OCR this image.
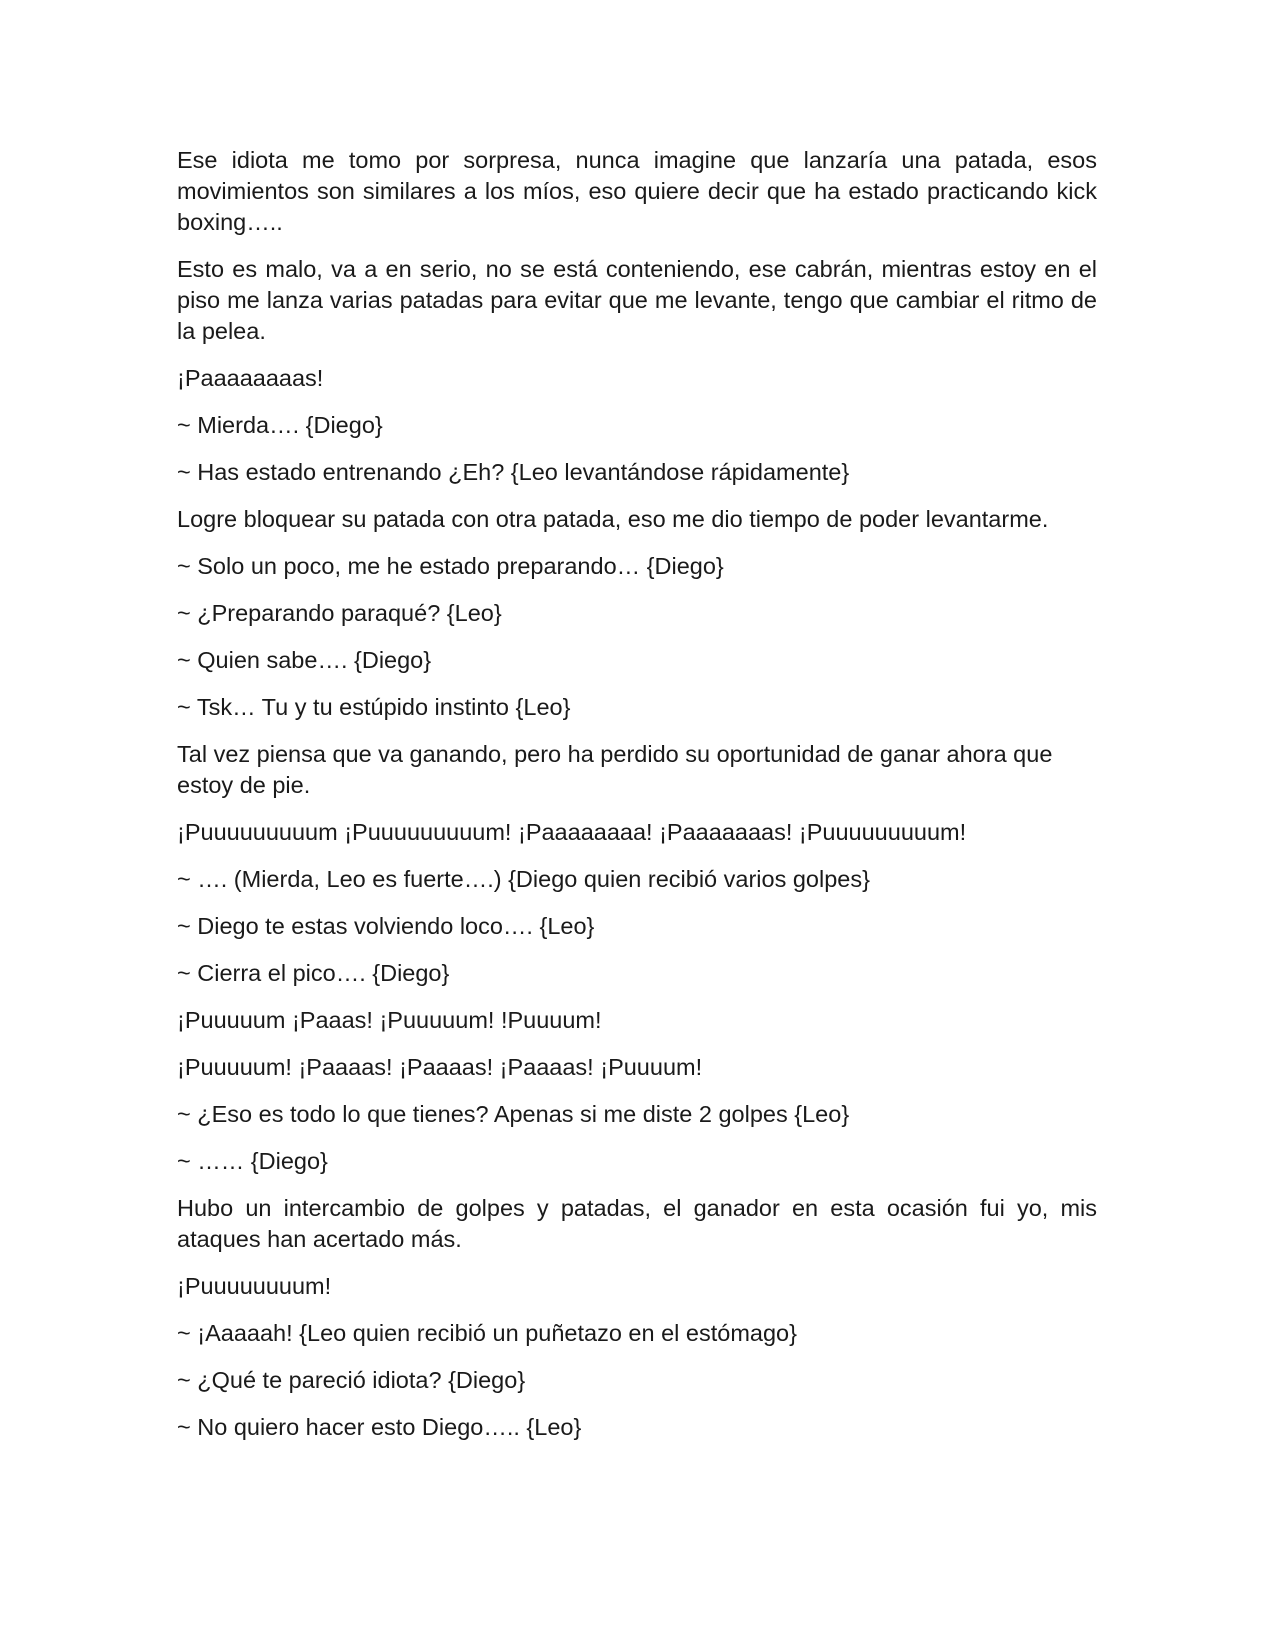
Ese idiota me tomo por sorpresa, nunca imagine que lanzaría una patada, esos movimientos son similares a los míos, eso quiere decir que ha estado practicando kick boxing…..

Esto es malo, va a en serio, no se está conteniendo, ese cabrán, mientras estoy en el piso me lanza varias patadas para evitar que me levante, tengo que cambiar el ritmo de la pelea.

¡Paaaaaaaas!

~ Mierda…. {Diego}

~ Has estado entrenando ¿Eh? {Leo levantándose rápidamente}

Logre bloquear su patada con otra patada, eso me dio tiempo de poder levantarme.

~ Solo un poco, me he estado preparando… {Diego}

~ ¿Preparando paraqué? {Leo}

~ Quien sabe…. {Diego}

~ Tsk… Tu y tu estúpido instinto {Leo}

Tal vez piensa que va ganando, pero ha perdido su oportunidad de ganar ahora que estoy de pie.

¡Puuuuuuuuum ¡Puuuuuuuuum! ¡Paaaaaaaa! ¡Paaaaaaas! ¡Puuuuuuuuum!

~ …. (Mierda, Leo es fuerte….) {Diego quien recibió varios golpes}

~ Diego te estas volviendo loco…. {Leo}

~ Cierra el pico…. {Diego}

¡Puuuuum ¡Paaas! ¡Puuuuum! !Puuuum!

¡Puuuuum! ¡Paaaas! ¡Paaaas! ¡Paaaas! ¡Puuuum!

~ ¿Eso es todo lo que tienes? Apenas si me diste 2 golpes {Leo}

~ …… {Diego}

Hubo un intercambio de golpes y patadas, el ganador en esta ocasión fui yo, mis ataques han acertado más.

¡Puuuuuuuum!

~ ¡Aaaaah! {Leo quien recibió un puñetazo en el estómago}

~ ¿Qué te pareció idiota? {Diego}

~ No quiero hacer esto Diego….. {Leo}
